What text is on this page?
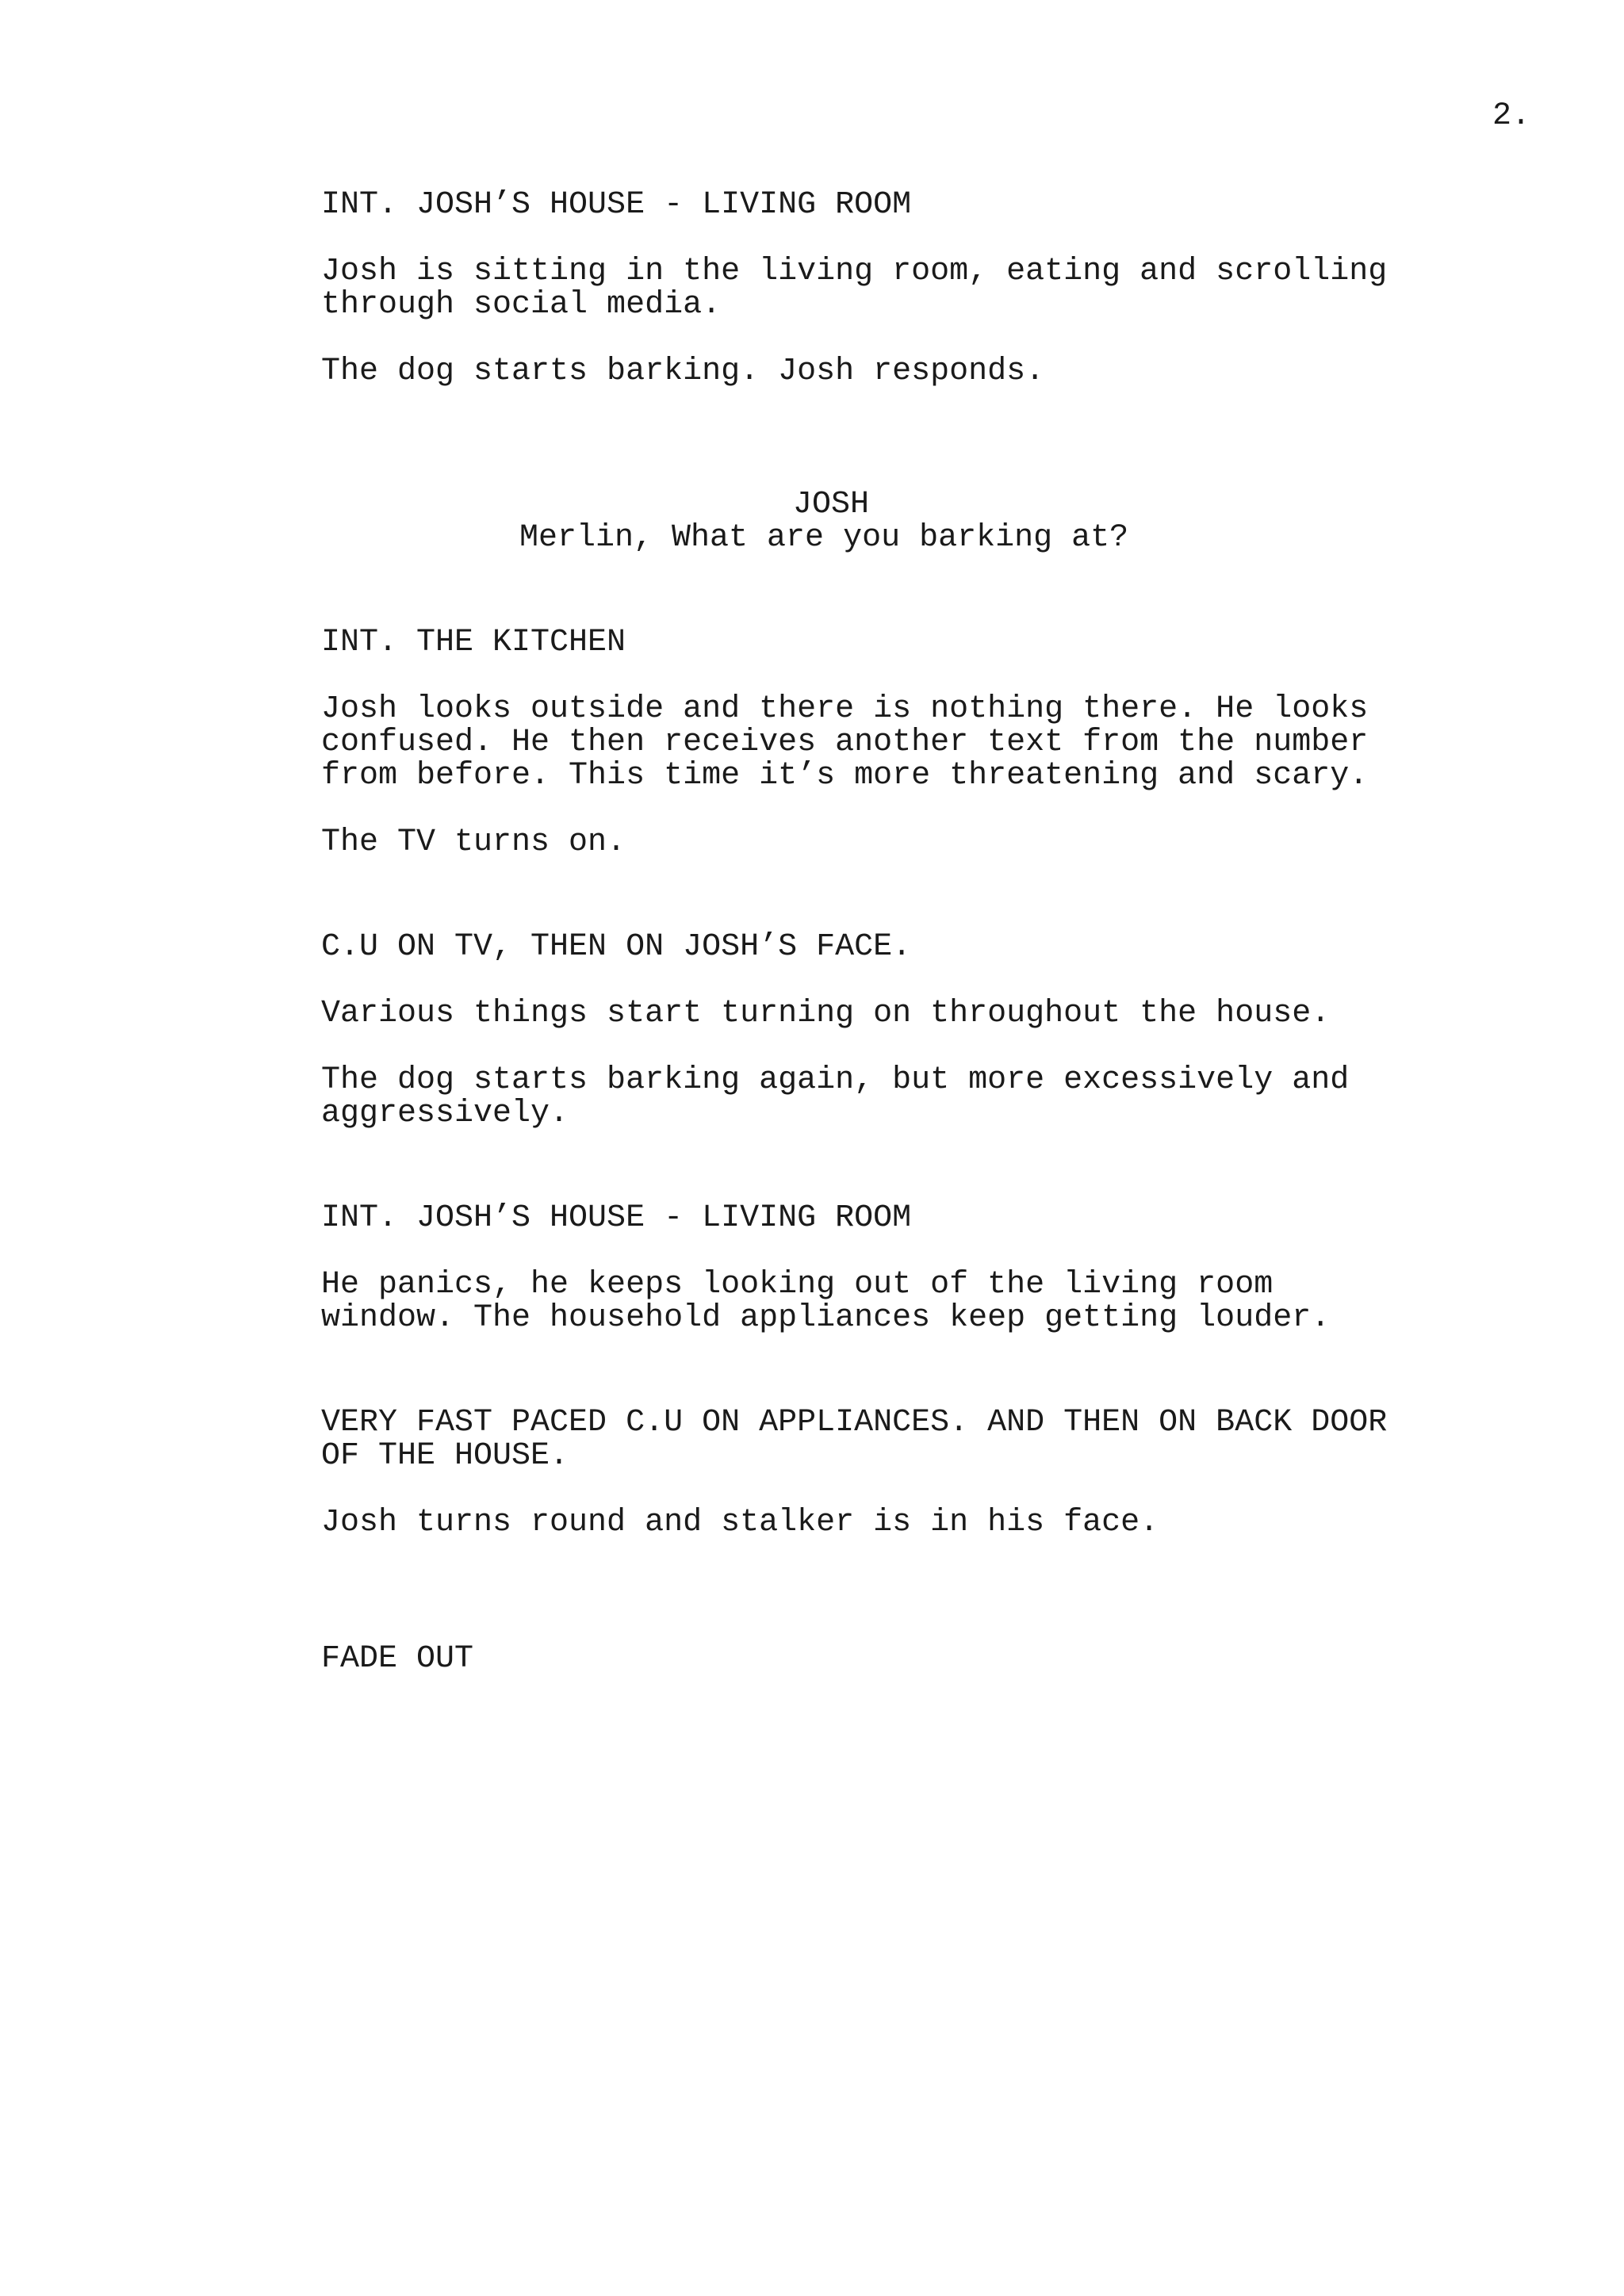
2.
INT. JOSH’S HOUSE - LIVING ROOM
Josh is sitting in the living room, eating and scrolling
through social media.
The dog starts barking. Josh responds.
JOSH
Merlin, What are you barking at?
INT. THE KITCHEN
Josh looks outside and there is nothing there. He looks
confused. He then receives another text from the number
from before. This time it’s more threatening and scary.
The TV turns on.
C.U ON TV, THEN ON JOSH’S FACE.
Various things start turning on throughout the house.
The dog starts barking again, but more excessively and
aggressively.
INT. JOSH’S HOUSE - LIVING ROOM
He panics, he keeps looking out of the living room
window. The household appliances keep getting louder.
VERY FAST PACED C.U ON APPLIANCES. AND THEN ON BACK DOOR
OF THE HOUSE.
Josh turns round and stalker is in his face.
FADE OUT
